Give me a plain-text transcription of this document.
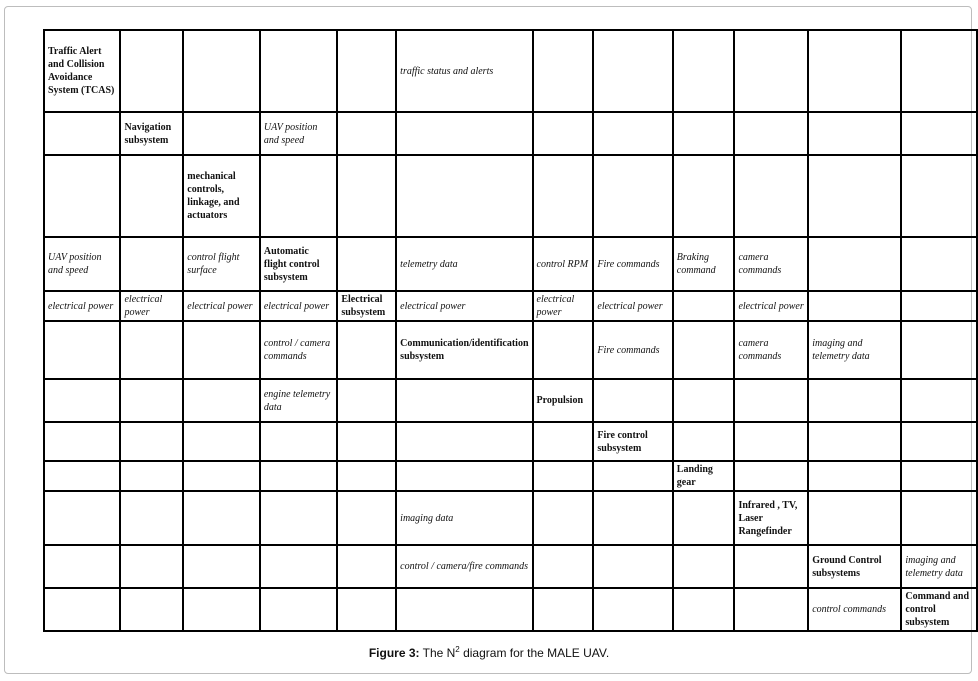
Traffic Alert and Collision Avoidance System (TCAS)					traffic status and alerts						
	Navigation subsystem		UAV position and speed								
		mechanical controls, linkage, and actuators									
UAV position and speed		control flight surface	Automatic flight control subsystem		telemetry data	control RPM	Fire commands	Braking command	camera commands		
electrical power	electrical power	electrical power	electrical power	Electrical subsystem	electrical power	electrical power	electrical power		electrical power		
			control / camera commands		Communication/identification subsystem		Fire commands		camera commands	imaging and telemetry data	
			engine telemetry data			Propulsion					
							Fire control subsystem				
								Landing gear			
					imaging data				Infrared , TV, Laser Rangefinder		
					control / camera/fire commands					Ground Control subsystems	imaging and telemetry data
										control commands	Command and control subsystem
Figure 3: The $N^2$ diagram for the MALE UAV.
